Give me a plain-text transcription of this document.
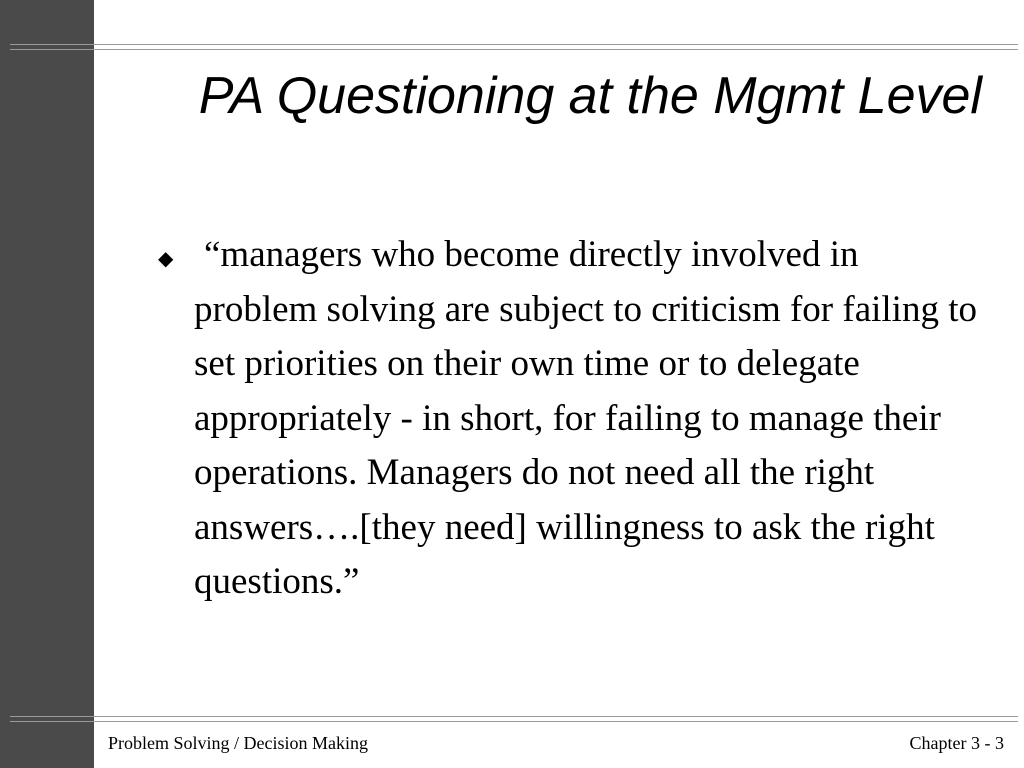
PA Questioning at the Mgmt Level
◆ “managers who become directly involved in problem solving are subject to criticism for failing to set priorities on their own time or to delegate appropriately - in short, for failing to manage their operations. Managers do not need all the right answers….[they need] willingness to ask the right questions.”

Problem Solving / Decision Making	Chapter 3 - 3
